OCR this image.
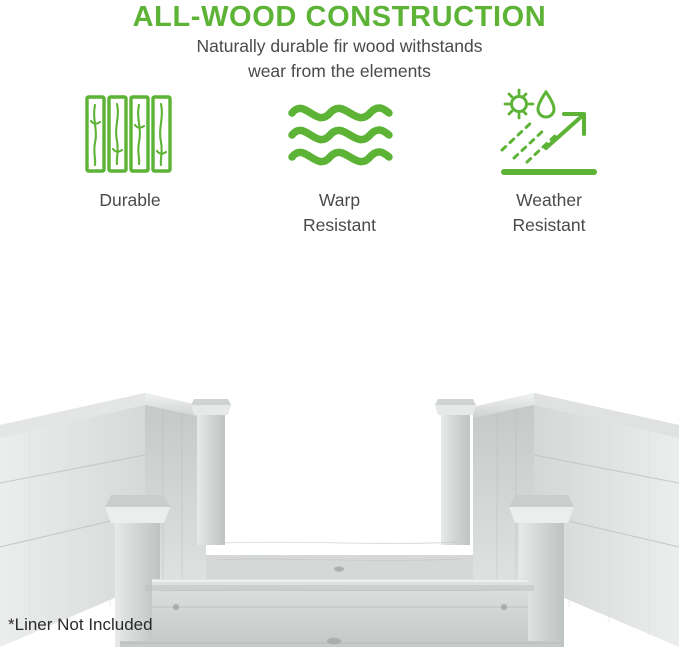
ALL-WOOD CONSTRUCTION
Naturally durable fir wood withstands
wear from the elements
Durable	Warp
Resistant
Weather
Resistant
*Liner Not Included
